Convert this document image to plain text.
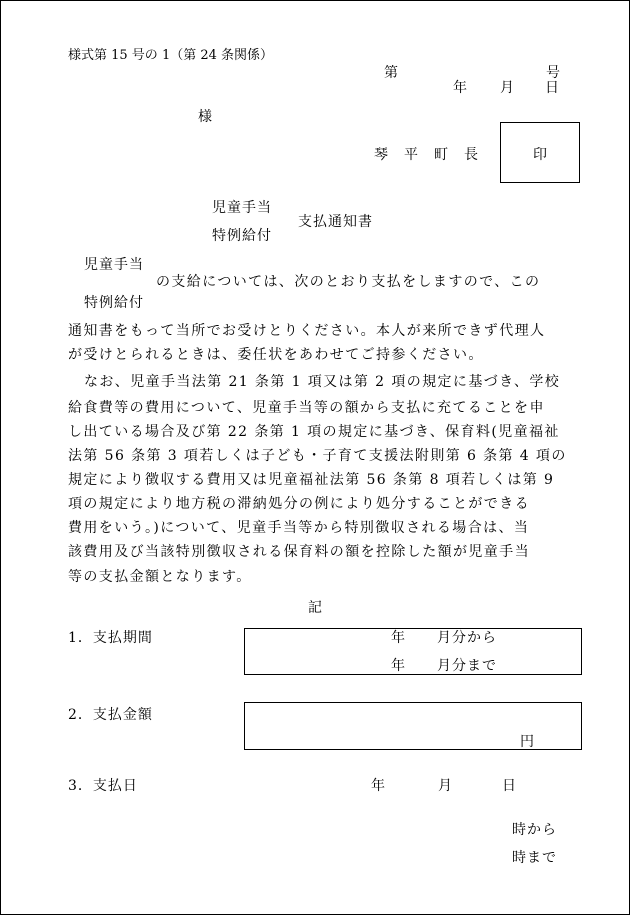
様式第 15 号の 1（第 24 条関係）
第	号
年 月 日
様
琴　平　町　長	印
児童手当
特例給付
支払通知書
児童手当
の支給については、次のとおり支払をしますので、この
特例給付
通知書をもって当所でお受けとりください。本人が来所できず代理人
が受けとられるときは、委任状をあわせてご持参ください。
なお、児童手当法第 21 条第 1 項又は第 2 項の規定に基づき、学校
給食費等の費用について、児童手当等の額から支払に充てることを申
し出ている場合及び第 22 条第 1 項の規定に基づき、保育料(児童福祉
法第 56 条第 3 項若しくは子ども・子育て支援法附則第 6 条第 4 項の
規定により徴収する費用又は児童福祉法第 56 条第 8 項若しくは第 9
項の規定により地方税の滞納処分の例により処分することができる
費用をいう。)について、児童手当等から特別徴収される場合は、当
該費用及び当該特別徴収される保育料の額を控除した額が児童手当
等の支払金額となります。
記
1．支払期間	年 月分から
年 月分まで
2．支払金額
円
3．支払日	年	月	日
時から
時まで
